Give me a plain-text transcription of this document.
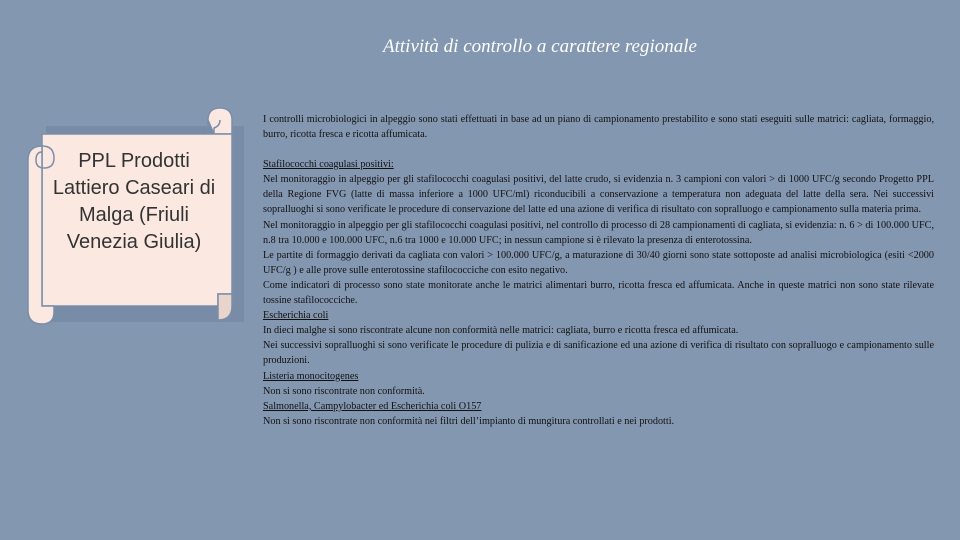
Attività di controllo a carattere regionale
PPL Prodotti Lattiero Caseari di Malga (Friuli Venezia Giulia)

I controlli microbiologici in alpeggio sono stati effettuati in base ad un piano di campionamento prestabilito e sono stati eseguiti sulle matrici: cagliata, formaggio, burro, ricotta fresca e ricotta affumicata.

Stafilococchi coagulasi positivi:

Nel monitoraggio in alpeggio per gli stafilococchi coagulasi positivi, del latte crudo, si evidenzia n. 3 campioni con valori > di 1000 UFC/g secondo Progetto PPL della Regione FVG (latte di massa inferiore a 1000 UFC/ml) riconducibili a conservazione a temperatura non adeguata del latte della sera. Nei successivi sopralluoghi si sono verificate le procedure di conservazione del latte ed una azione di verifica di risultato con sopralluogo e campionamento sulla materia prima.

Nel monitoraggio in alpeggio per gli stafilococchi coagulasi positivi, nel controllo di processo di 28 campionamenti di cagliata, si evidenzia: n. 6 > di 100.000 UFC, n.8 tra 10.000 e 100.000 UFC, n.6 tra 1000 e 10.000 UFC; in nessun campione si è rilevato la presenza di enterotossina.

Le partite di formaggio derivati da cagliata con valori > 100.000 UFC/g, a maturazione di 30/40 giorni sono state sottoposte ad analisi microbiologica (esiti <2000 UFC/g ) e alle prove sulle enterotossine stafilococciche con esito negativo.

Come indicatori di processo sono state monitorate anche le matrici alimentari burro, ricotta fresca ed affumicata. Anche in queste matrici non sono state rilevate tossine stafilococciche.

Escherichia coli

In dieci malghe si sono riscontrate alcune non conformità nelle matrici: cagliata, burro e ricotta fresca ed affumicata.

Nei successivi sopralluoghi si sono verificate le procedure di pulizia e di sanificazione ed una azione di verifica di risultato con sopralluogo e campionamento sulle produzioni.

Listeria monocitogenes

Non si sono riscontrate non conformità.

Salmonella, Campylobacter ed Escherichia coli O157

Non si sono riscontrate non conformità nei filtri dell’impianto di mungitura controllati e nei prodotti.
